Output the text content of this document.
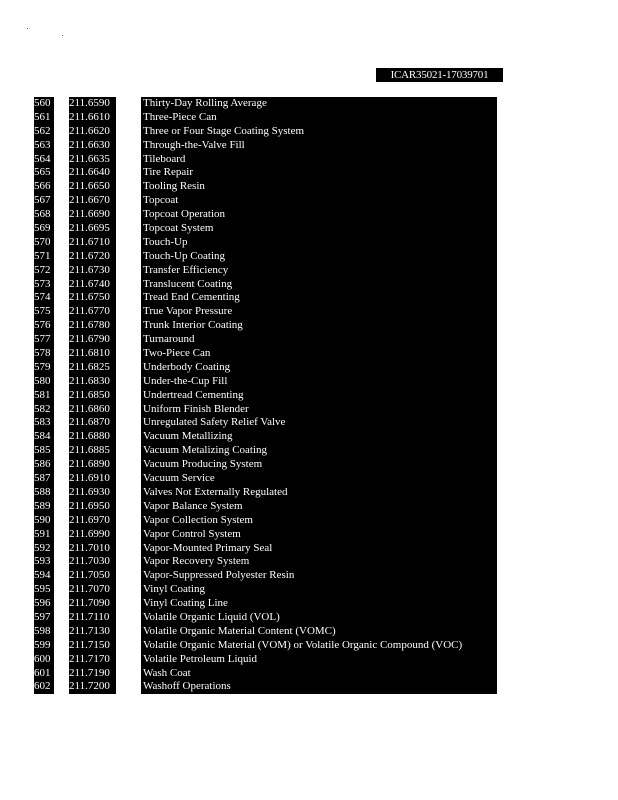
ICAR35021-17039701
560	211.6590	Thirty-Day Rolling Average
561	211.6610	Three-Piece Can
562	211.6620	Three or Four Stage Coating System
563	211.6630	Through-the-Valve Fill
564	211.6635	Tileboard
565	211.6640	Tire Repair
566	211.6650	Tooling Resin
567	211.6670	Topcoat
568	211.6690	Topcoat Operation
569	211.6695	Topcoat System
570	211.6710	Touch-Up
571	211.6720	Touch-Up Coating
572	211.6730	Transfer Efficiency
573	211.6740	Translucent Coating
574	211.6750	Tread End Cementing
575	211.6770	True Vapor Pressure
576	211.6780	Trunk Interior Coating
577	211.6790	Turnaround
578	211.6810	Two-Piece Can
579	211.6825	Underbody Coating
580	211.6830	Under-the-Cup Fill
581	211.6850	Undertread Cementing
582	211.6860	Uniform Finish Blender
583	211.6870	Unregulated Safety Relief Valve
584	211.6880	Vacuum Metallizing
585	211.6885	Vacuum Metalizing Coating
586	211.6890	Vacuum Producing System
587	211.6910	Vacuum Service
588	211.6930	Valves Not Externally Regulated
589	211.6950	Vapor Balance System
590	211.6970	Vapor Collection System
591	211.6990	Vapor Control System
592	211.7010	Vapor-Mounted Primary Seal
593	211.7030	Vapor Recovery System
594	211.7050	Vapor-Suppressed Polyester Resin
595	211.7070	Vinyl Coating
596	211.7090	Vinyl Coating Line
597	211.7110	Volatile Organic Liquid (VOL)
598	211.7130	Volatile Organic Material Content (VOMC)
599	211.7150	Volatile Organic Material (VOM) or Volatile Organic Compound (VOC)
600	211.7170	Volatile Petroleum Liquid
601	211.7190	Wash Coat
602	211.7200	Washoff Operations
